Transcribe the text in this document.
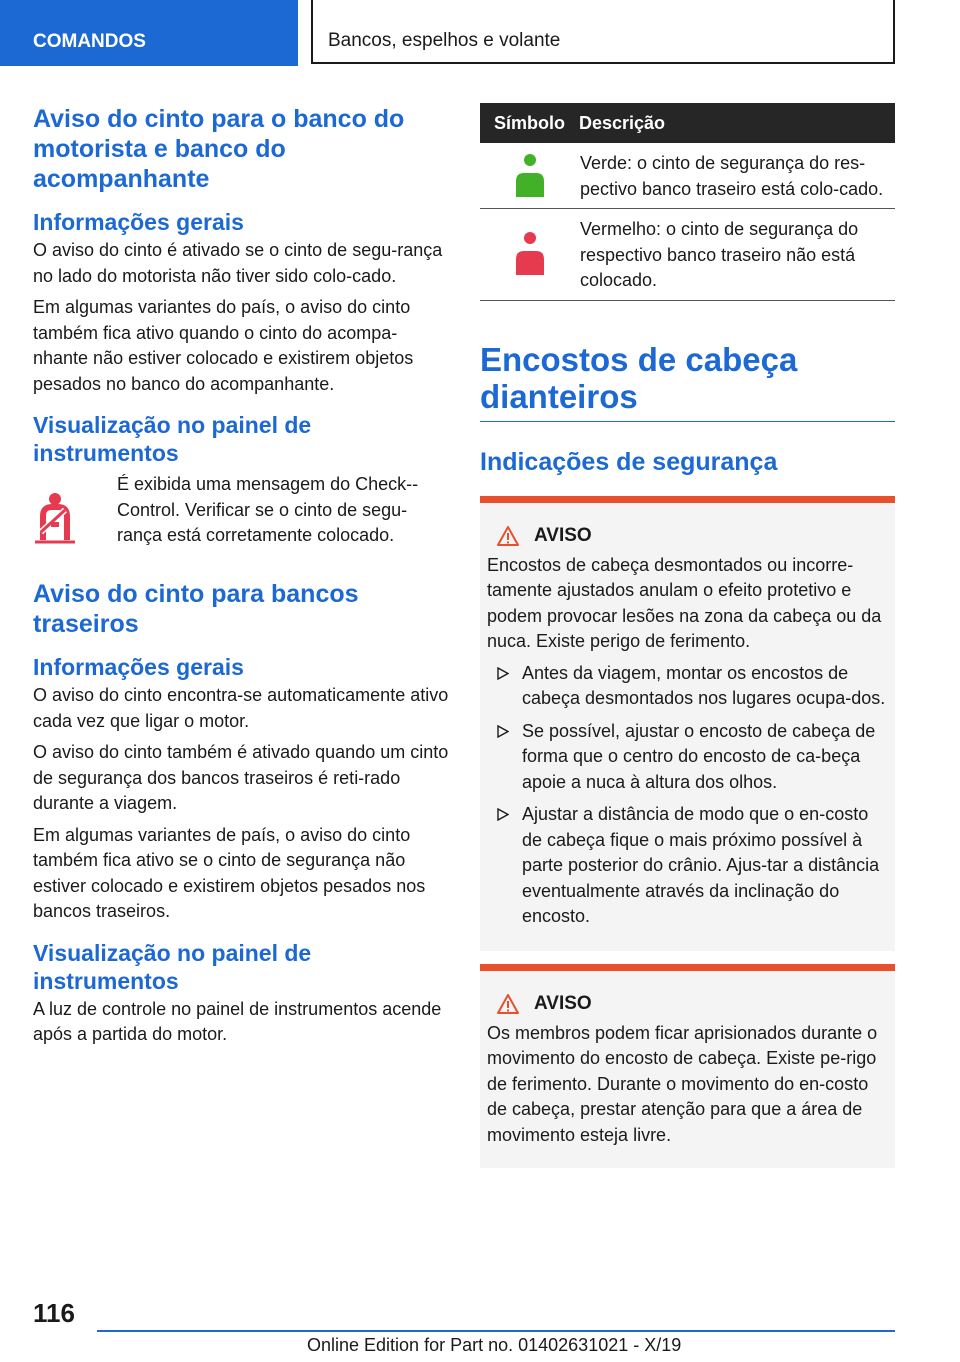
COMANDOS	Bancos, espelhos e volante
Aviso do cinto para o banco do motorista e banco do acompanhante
Informações gerais

O aviso do cinto é ativado se o cinto de segu-rança no lado do motorista não tiver sido colo-cado.

Em algumas variantes do país, o aviso do cinto também fica ativo quando o cinto do acompa-nhante não estiver colocado e existirem objetos pesados no banco do acompanhante.

Visualização no painel de instrumentos

É exibida uma mensagem do Check--Control. Verificar se o cinto de segu-rança está corretamente colocado.

Aviso do cinto para bancos traseiros
Informações gerais

O aviso do cinto encontra-se automaticamente ativo cada vez que ligar o motor.

O aviso do cinto também é ativado quando um cinto de segurança dos bancos traseiros é reti-rado durante a viagem.

Em algumas variantes de país, o aviso do cinto também fica ativo se o cinto de segurança não estiver colocado e existirem objetos pesados nos bancos traseiros.

Visualização no painel de instrumentos

A luz de controle no painel de instrumentos acende após a partida do motor.

Símbolo Descrição

Verde: o cinto de segurança do res-pectivo banco traseiro está colo-cado.

Vermelho: o cinto de segurança do respectivo banco traseiro não está colocado.

Encostos de cabeça dianteiros
Indicações de segurança
AVISO

Encostos de cabeça desmontados ou incorre-tamente ajustados anulam o efeito protetivo e podem provocar lesões na zona da cabeça ou da nuca. Existe perigo de ferimento.

Antes da viagem, montar os encostos de cabeça desmontados nos lugares ocupa-dos.

Se possível, ajustar o encosto de cabeça de forma que o centro do encosto de ca-beça apoie a nuca à altura dos olhos.

Ajustar a distância de modo que o en-costo de cabeça fique o mais próximo possível à parte posterior do crânio. Ajus-tar a distância eventualmente através da inclinação do encosto.

AVISO

Os membros podem ficar aprisionados durante o movimento do encosto de cabeça. Existe pe-rigo de ferimento. Durante o movimento do en-costo de cabeça, prestar atenção para que a área de movimento esteja livre.

116
Online Edition for Part no. 01402631021 - X/19
